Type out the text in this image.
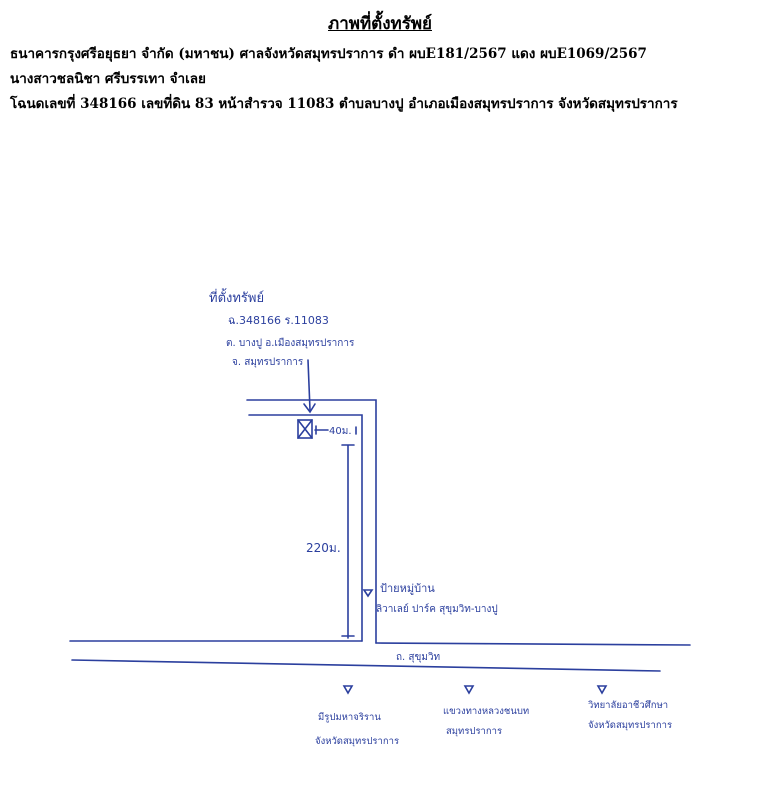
ภาพที่ตั้งทรัพย์
ธนาคารกรุงศรีอยุธยา จำกัด (มหาชน) ศาลจังหวัดสมุทรปราการ ดำ ผบE181/2567 แดง ผบE1069/2567
นางสาวชลนิชา ศรีบรรเทา จำเลย
โฉนดเลขที่ 348166 เลขที่ดิน 83 หน้าสำรวจ 11083 ตำบลบางปู อำเภอเมืองสมุทรปราการ จังหวัดสมุทรปราการ
ที่ตั้งทรัพย์
ฉ.348166 ร.11083
ต. บางปู อ.เมืองสมุทรปราการ
จ. สมุทรปราการ
40ม.
220ม.
ป้ายหมู่บ้าน
ลิวาเลย์ ปาร์ค สุขุมวิท-บางปู
ถ. สุขุมวิท
มีรูปมหาจริราน
จังหวัดสมุทรปราการ
แขวงทางหลวงชนบท
สมุทรปราการ
วิทยาลัยอาชีวศึกษา
จังหวัดสมุทรปราการ
